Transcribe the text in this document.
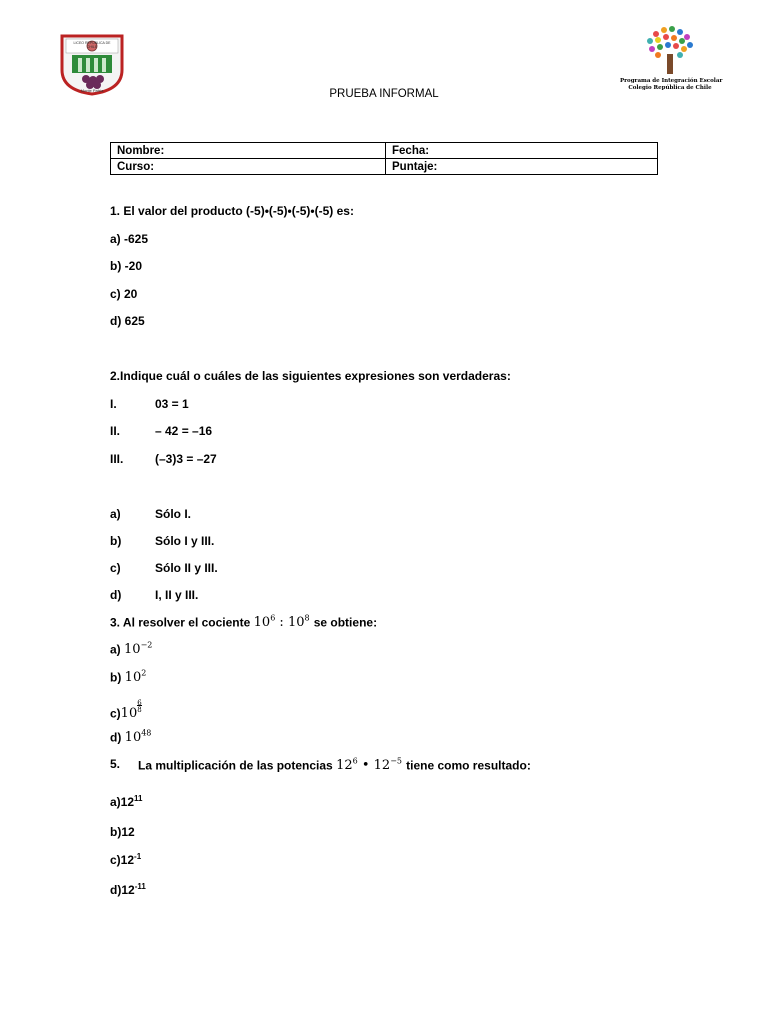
LICEO REPUBLICA DE CHILE
Monte Patria
Programa de Integración Escolar
Colegio República de Chile
PRUEBA INFORMAL
Nombre:	Fecha:
Curso:	Puntaje:
1. El valor del producto (-5)•(-5)•(-5)•(-5) es:
a) -625
b) -20
c) 20
d) 625
2.Indique cuál o cuáles de las siguientes expresiones son verdaderas:
I.	03 = 1
II.	– 42 = –16
III.	(–3)3 = –27
a)	Sólo I.
b)	Sólo I y III.
c)	Sólo II y III.
d)	I, II y III.
3. Al resolver el cociente $10^6$ : $10^8$ se obtiene:
a) $10^{-2}$
b) $10^2$
$c)10\frac{6}{8}$
d) $10^{48}$
5. La multiplicación de las potencias $12^6$ • $12^{-5}$ tiene como resultado:
$a)12^{11}$
b)12
$c)12^{-1}$
$d)12^{-11}$
